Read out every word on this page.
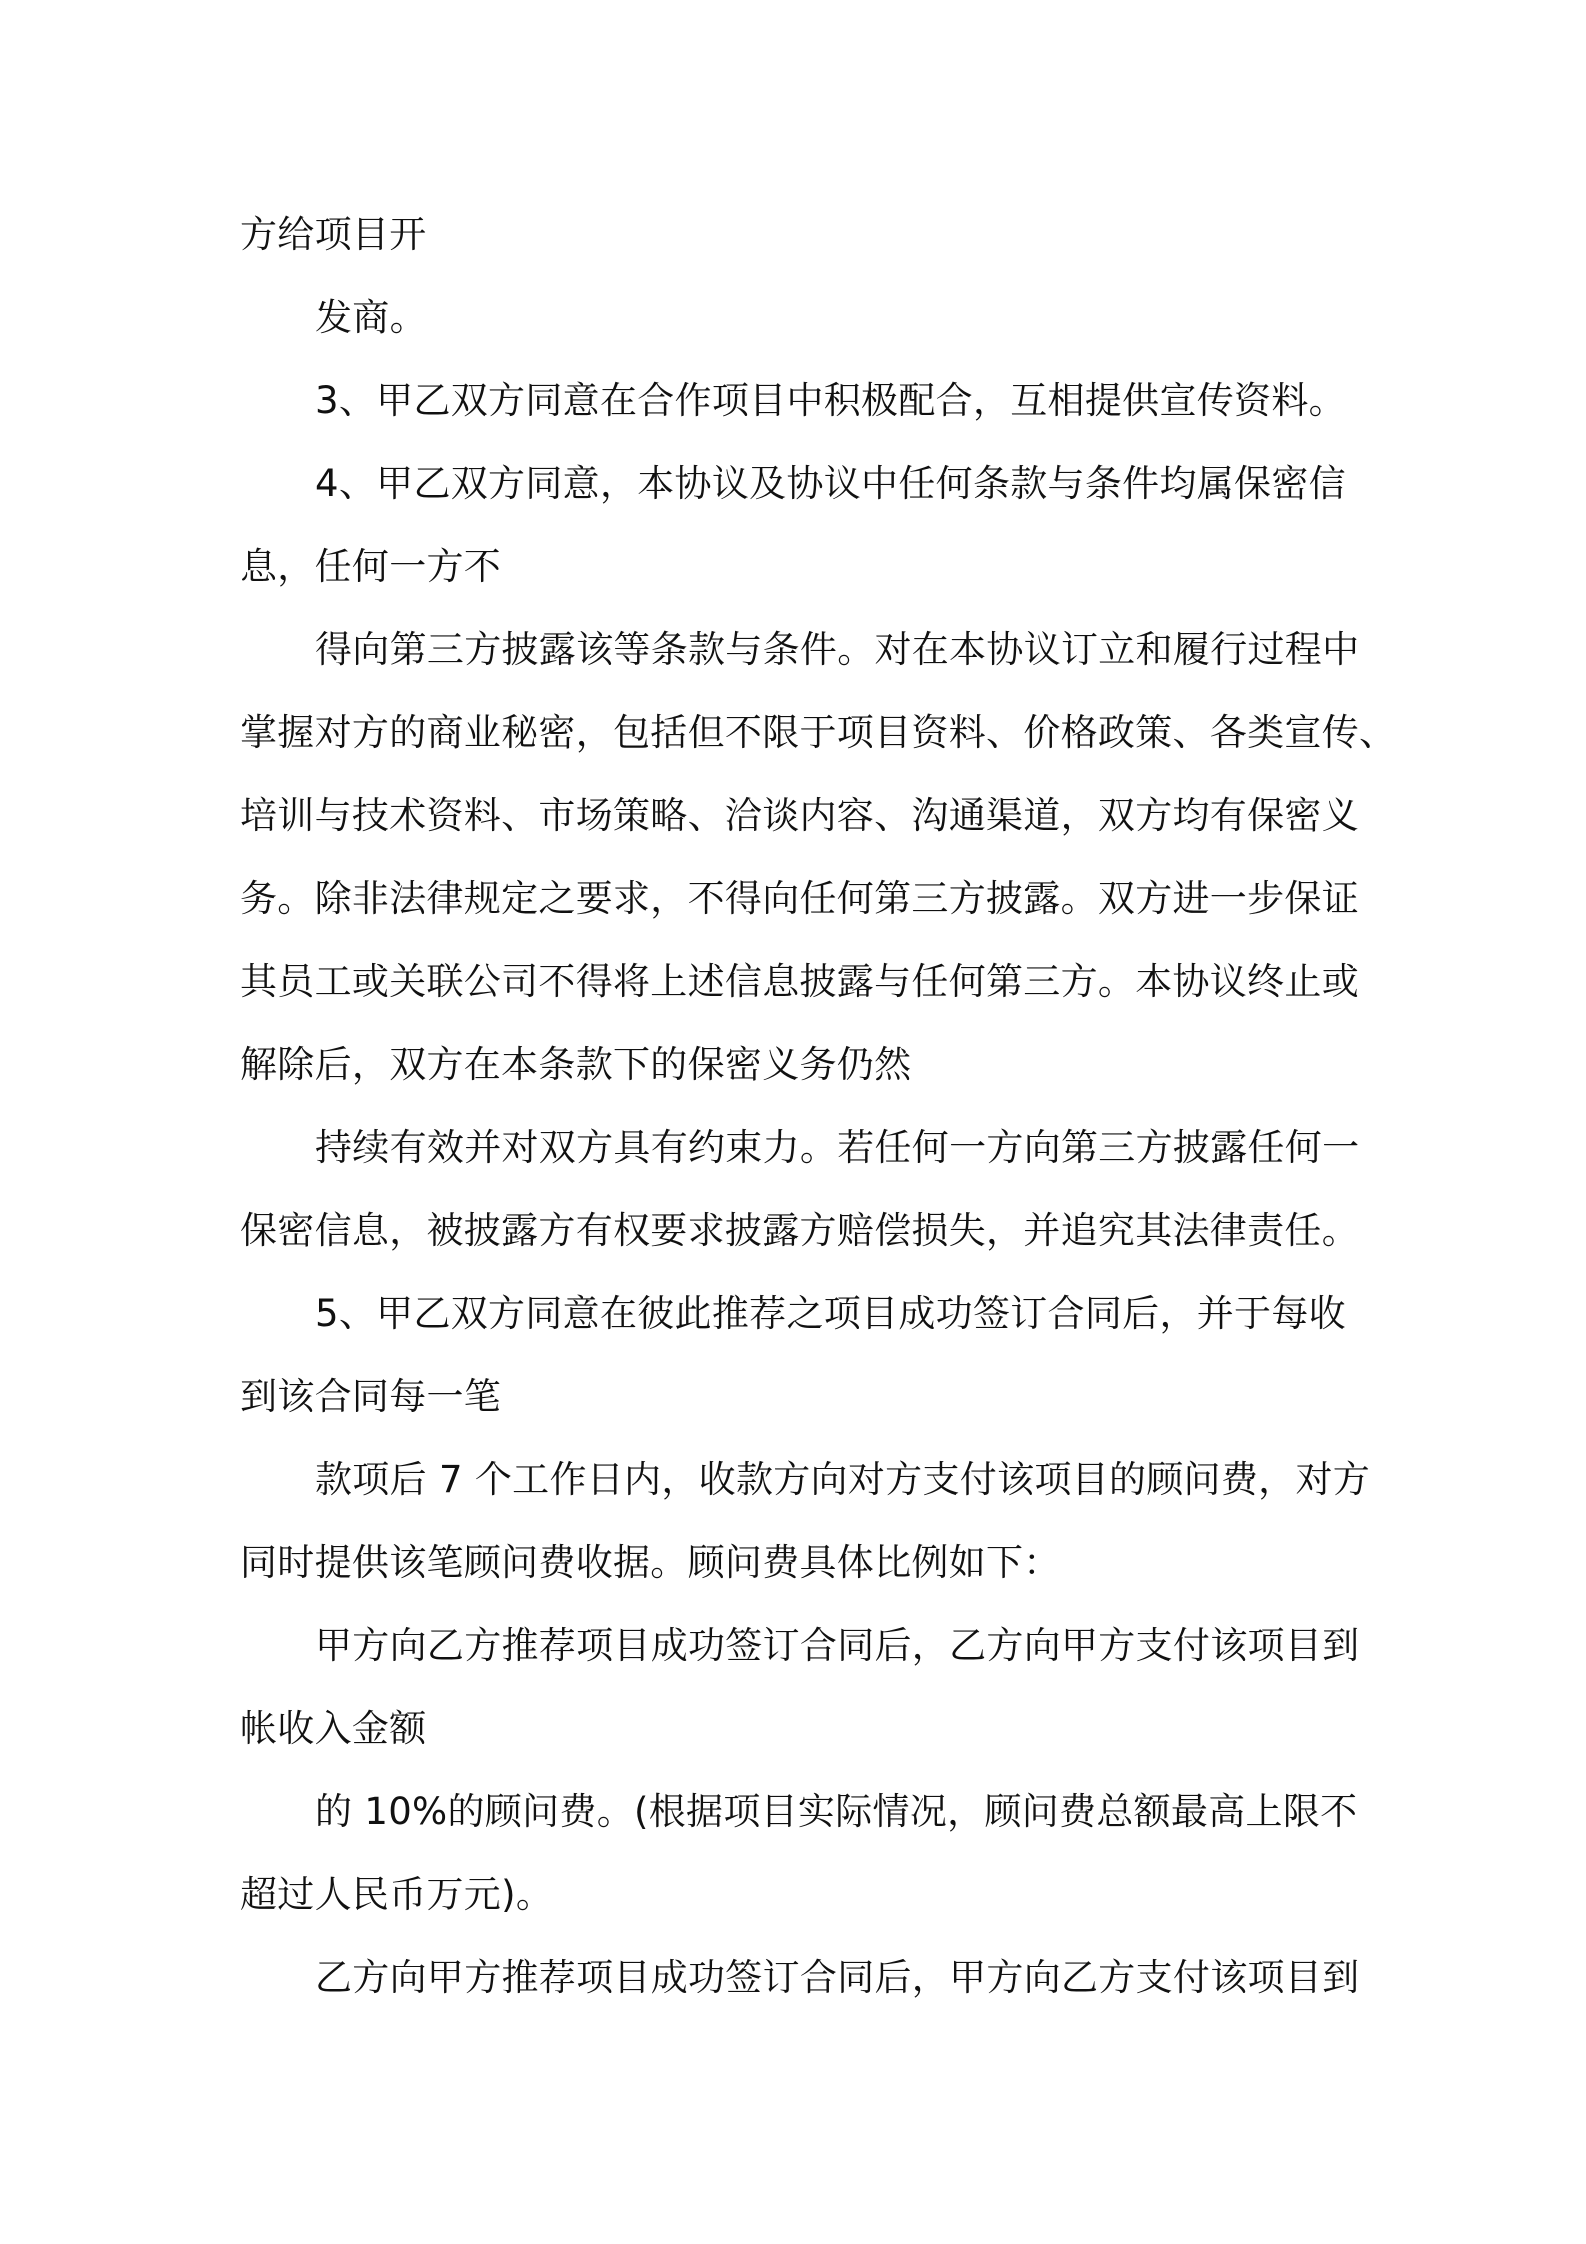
方给项目开

发商。

3、甲乙双方同意在合作项目中积极配合，互相提供宣传资料。

4、甲乙双方同意，本协议及协议中任何条款与条件均属保密信

息，任何一方不

得向第三方披露该等条款与条件。对在本协议订立和履行过程中

掌握对方的商业秘密，包括但不限于项目资料、价格政策、各类宣传、

培训与技术资料、市场策略、洽谈内容、沟通渠道，双方均有保密义

务。除非法律规定之要求，不得向任何第三方披露。双方进一步保证

其员工或关联公司不得将上述信息披露与任何第三方。本协议终止或

解除后，双方在本条款下的保密义务仍然

持续有效并对双方具有约束力。若任何一方向第三方披露任何一

保密信息，被披露方有权要求披露方赔偿损失，并追究其法律责任。

5、甲乙双方同意在彼此推荐之项目成功签订合同后，并于每收

到该合同每一笔

款项后 7 个工作日内，收款方向对方支付该项目的顾问费，对方

同时提供该笔顾问费收据。顾问费具体比例如下：

甲方向乙方推荐项目成功签订合同后，乙方向甲方支付该项目到

帐收入金额

的 10%的顾问费。(根据项目实际情况，顾问费总额最高上限不

超过人民币万元)。

乙方向甲方推荐项目成功签订合同后，甲方向乙方支付该项目到
